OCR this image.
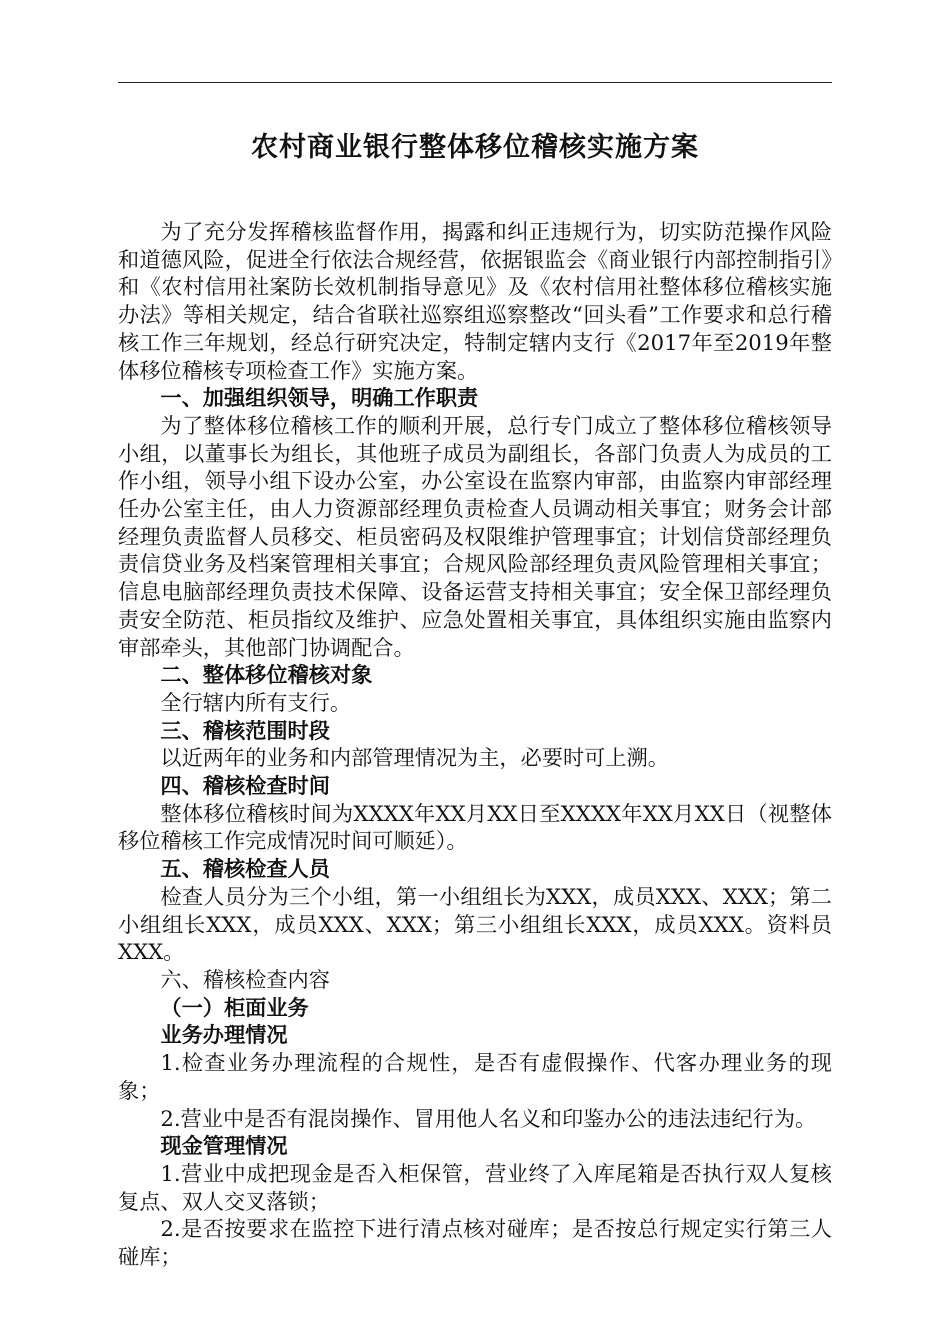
农村商业银行整体移位稽核实施方案

为了充分发挥稽核监督作用，揭露和纠正违规行为，切实防范操作风险和道德风险，促进全行依法合规经营，依据银监会《商业银行内部控制指引》和《农村信用社案防长效机制指导意见》及《农村信用社整体移位稽核实施办法》等相关规定，结合省联社巡察组巡察整改“回头看”工作要求和总行稽核工作三年规划，经总行研究决定，特制定辖内支行《2017年至2019年整体移位稽核专项检查工作》实施方案。

一、加强组织领导，明确工作职责

为了整体移位稽核工作的顺利开展，总行专门成立了整体移位稽核领导小组，以董事长为组长，其他班子成员为副组长，各部门负责人为成员的工作小组，领导小组下设办公室，办公室设在监察内审部，由监察内审部经理任办公室主任，由人力资源部经理负责检查人员调动相关事宜；财务会计部经理负责监督人员移交、柜员密码及权限维护管理事宜；计划信贷部经理负责信贷业务及档案管理相关事宜；合规风险部经理负责风险管理相关事宜；信息电脑部经理负责技术保障、设备运营支持相关事宜；安全保卫部经理负责安全防范、柜员指纹及维护、应急处置相关事宜，具体组织实施由监察内审部牵头，其他部门协调配合。

二、整体移位稽核对象

全行辖内所有支行。

三、稽核范围时段

以近两年的业务和内部管理情况为主，必要时可上溯。

四、稽核检查时间

整体移位稽核时间为XXXX年XX月XX日至XXXX年XX月XX日（视整体移位稽核工作完成情况时间可顺延）。

五、稽核检查人员

检查人员分为三个小组，第一小组组长为XXX，成员XXX、XXX；第二小组组长XXX，成员XXX、XXX；第三小组组长XXX，成员XXX。资料员XXX。

六、稽核检查内容

（一）柜面业务

业务办理情况

1.检查业务办理流程的合规性，是否有虚假操作、代客办理业务的现象；

2.营业中是否有混岗操作、冒用他人名义和印鉴办公的违法违纪行为。

现金管理情况

1.营业中成把现金是否入柜保管，营业终了入库尾箱是否执行双人复核复点、双人交叉落锁；

2.是否按要求在监控下进行清点核对碰库；是否按总行规定实行第三人碰库；
